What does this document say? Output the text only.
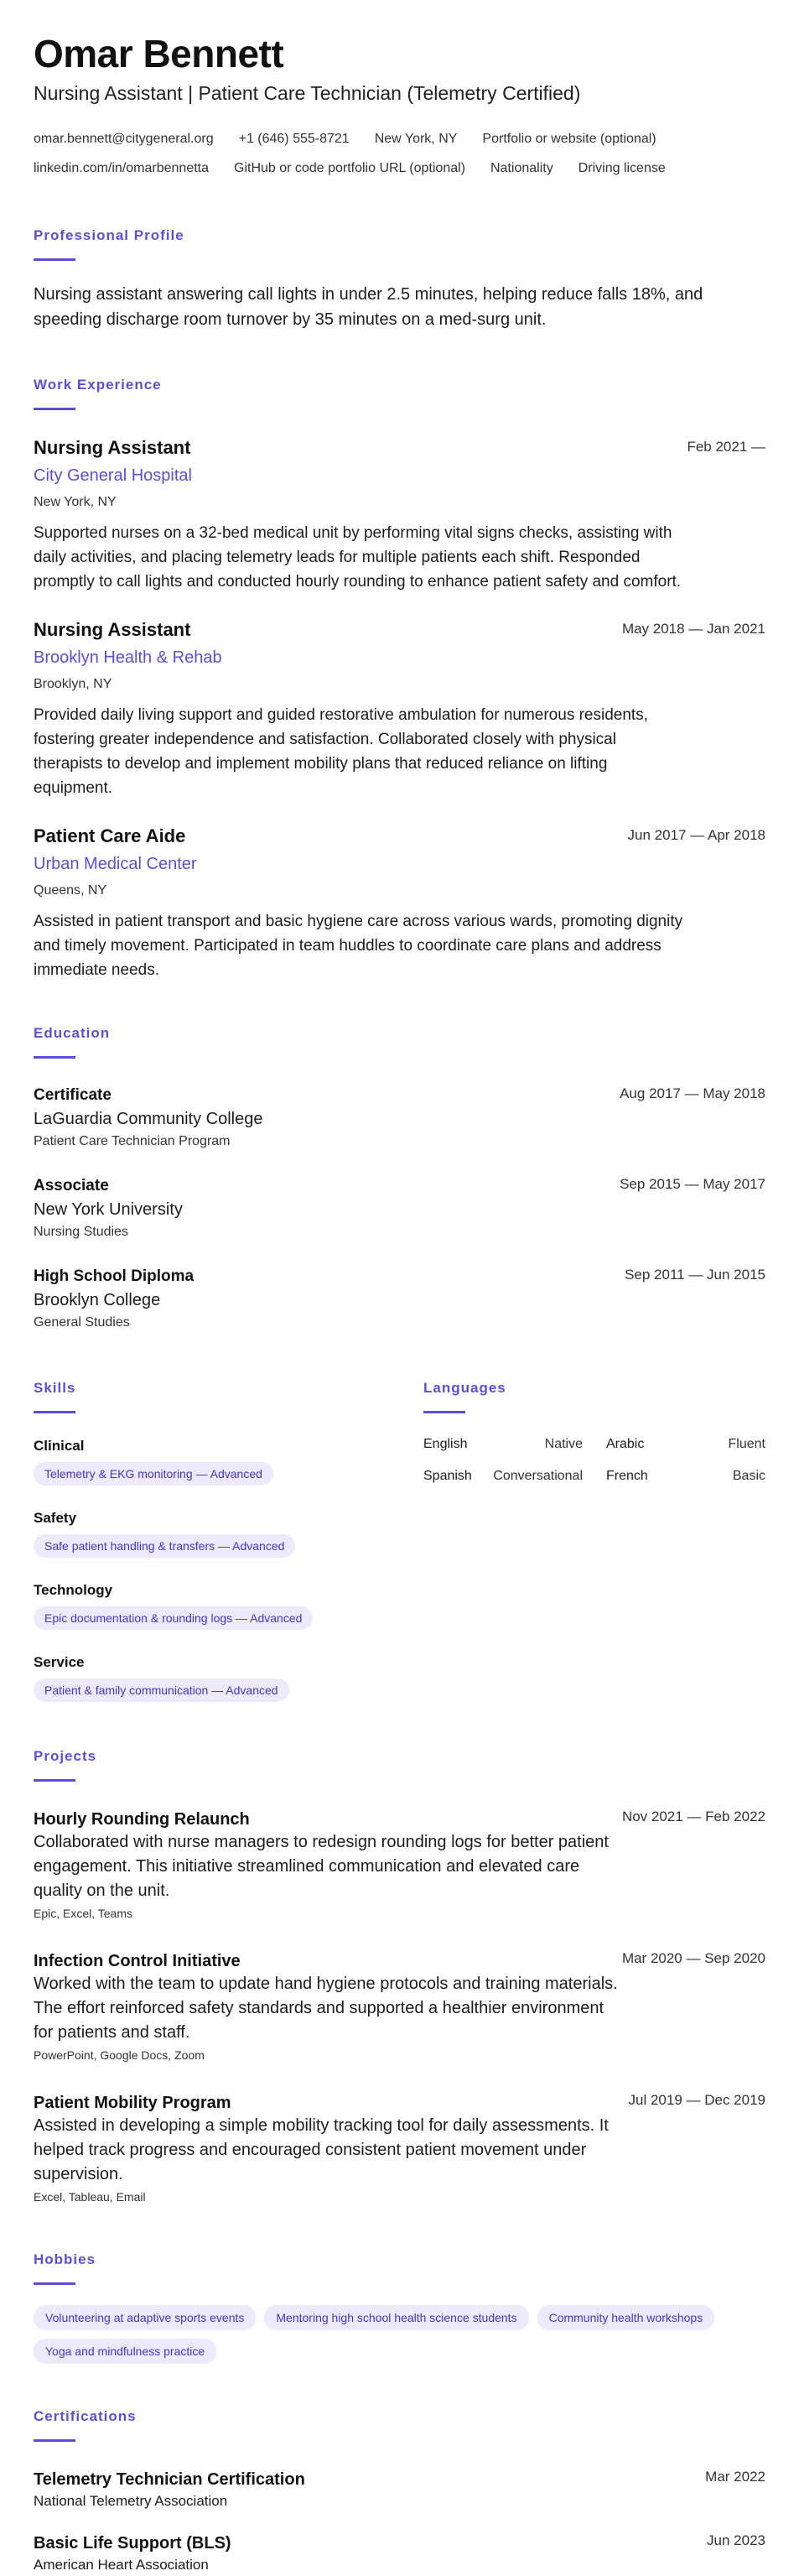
Omar Bennett
Nursing Assistant | Patient Care Technician (Telemetry Certified)
omar.bennett@citygeneral.org +1 (646) 555-8721 New York, NY Portfolio or website (optional)
linkedin.com/in/omarbennetta GitHub or code portfolio URL (optional) Nationality Driving license
Professional Profile
Nursing assistant answering call lights in under 2.5 minutes, helping reduce falls 18%, and speeding discharge room turnover by 35 minutes on a med-surg unit.
Work Experience
Feb 2021 —
Nursing Assistant
City General Hospital
New York, NY
Supported nurses on a 32-bed medical unit by performing vital signs checks, assisting with daily activities, and placing telemetry leads for multiple patients each shift. Responded promptly to call lights and conducted hourly rounding to enhance patient safety and comfort.
May 2018 — Jan 2021
Nursing Assistant
Brooklyn Health & Rehab
Brooklyn, NY
Provided daily living support and guided restorative ambulation for numerous residents, fostering greater independence and satisfaction. Collaborated closely with physical therapists to develop and implement mobility plans that reduced reliance on lifting equipment.
Jun 2017 — Apr 2018
Patient Care Aide
Urban Medical Center
Queens, NY
Assisted in patient transport and basic hygiene care across various wards, promoting dignity and timely movement. Participated in team huddles to coordinate care plans and address immediate needs.
Education
Aug 2017 — May 2018
Certificate
LaGuardia Community College
Patient Care Technician Program
Sep 2015 — May 2017
Associate
New York University
Nursing Studies
Sep 2011 — Jun 2015
High School Diploma
Brooklyn College
General Studies
Skills
Clinical
Telemetry & EKG monitoring — Advanced
Safety
Safe patient handling & transfers — Advanced
Technology
Epic documentation & rounding logs — Advanced
Service
Patient & family communication — Advanced
Languages
English	Native Arabic	Fluent
Spanish Conversational French	Basic
Projects
Nov 2021 — Feb 2022
Hourly Rounding Relaunch
Collaborated with nurse managers to redesign rounding logs for better patient engagement. This initiative streamlined communication and elevated care quality on the unit.
Epic, Excel, Teams
Mar 2020 — Sep 2020
Infection Control Initiative
Worked with the team to update hand hygiene protocols and training materials. The effort reinforced safety standards and supported a healthier environment for patients and staff.
PowerPoint, Google Docs, Zoom
Jul 2019 — Dec 2019
Patient Mobility Program
Assisted in developing a simple mobility tracking tool for daily assessments. It helped track progress and encouraged consistent patient movement under supervision.
Excel, Tableau, Email
Hobbies
Volunteering at adaptive sports events	Mentoring high school health science students	Community health workshops
Yoga and mindfulness practice
Certifications
Mar 2022
Telemetry Technician Certification
National Telemetry Association
Jun 2023
Basic Life Support (BLS)
American Heart Association
